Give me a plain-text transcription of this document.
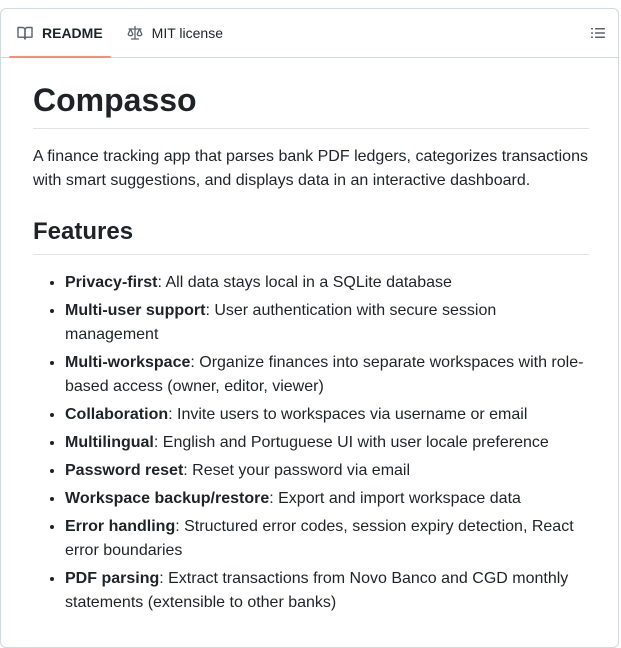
README	MIT license
Compasso

A finance tracking app that parses bank PDF ledgers, categorizes transactions with smart suggestions, and displays data in an interactive dashboard.

Features
• Privacy-first: All data stays local in a SQLite database
• Multi-user support: User authentication with secure session management
• Multi-workspace: Organize finances into separate workspaces with role-based access (owner, editor, viewer)
• Collaboration: Invite users to workspaces via username or email
• Multilingual: English and Portuguese UI with user locale preference
• Password reset: Reset your password via email
• Workspace backup/restore: Export and import workspace data
• Error handling: Structured error codes, session expiry detection, React error boundaries
• PDF parsing: Extract transactions from Novo Banco and CGD monthly statements (extensible to other banks)
